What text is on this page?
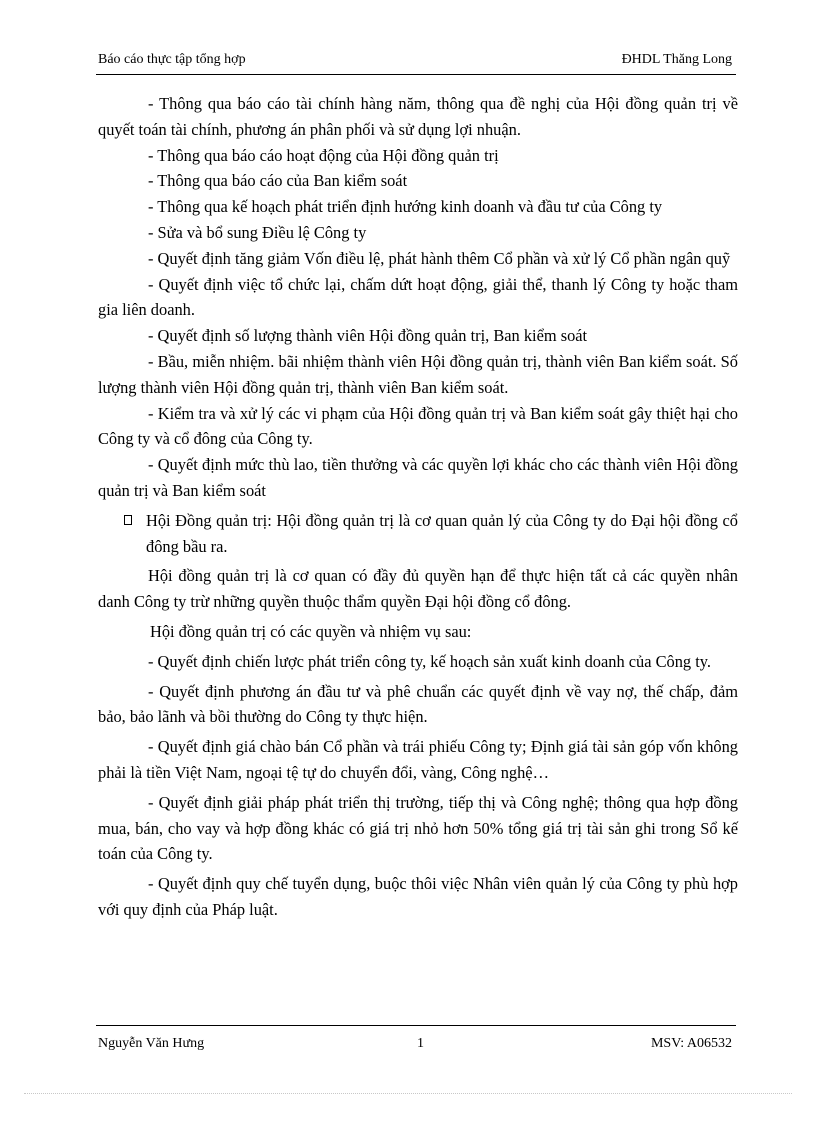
Báo cáo thực tập tổng hợp	ĐHDL Thăng Long

- Thông qua báo cáo tài chính hàng năm, thông qua đề nghị của Hội đồng quản trị về quyết toán tài chính, phương án phân phối và sử dụng lợi nhuận.

- Thông qua báo cáo hoạt động của Hội đồng quản trị

- Thông qua báo cáo của Ban kiểm soát

- Thông qua kế hoạch phát triển định hướng kinh doanh và đầu tư của Công ty

- Sửa và bổ sung Điều lệ Công ty

- Quyết định tăng giảm Vốn điều lệ, phát hành thêm Cổ phần và xử lý Cổ phần ngân quỹ

- Quyết định việc tổ chức lại, chấm dứt hoạt động, giải thể, thanh lý Công ty hoặc tham gia liên doanh.

- Quyết định số lượng thành viên Hội đồng quản trị, Ban kiểm soát

- Bầu, miễn nhiệm. bãi nhiệm thành viên Hội đồng quản trị, thành viên Ban kiểm soát. Số lượng thành viên Hội đồng quản trị, thành viên Ban kiểm soát.

- Kiểm tra và xử lý các vi phạm của Hội đồng quản trị và Ban kiểm soát gây thiệt hại cho Công ty và cổ đông của Công ty.

- Quyết định mức thù lao, tiền thưởng và các quyền lợi khác cho các thành viên Hội đồng quản trị và Ban kiểm soát

Hội Đồng quản trị: Hội đồng quản trị là cơ quan quản lý của Công ty do Đại hội đồng cổ đông bầu ra.

Hội đồng quản trị là cơ quan có đầy đủ quyền hạn để thực hiện tất cả các quyền nhân danh Công ty trừ những quyền thuộc thẩm quyền Đại hội đồng cổ đông.

Hội đồng quản trị có các quyền và nhiệm vụ sau:

- Quyết định chiến lược phát triển công ty, kế hoạch sản xuất kinh doanh của Công ty.

- Quyết định phương án đầu tư và phê chuẩn các quyết định về vay nợ, thế chấp, đảm bảo, bảo lãnh và bồi thường do Công ty thực hiện.

- Quyết định giá chào bán Cổ phần và trái phiếu Công ty; Định giá tài sản góp vốn không phải là tiền Việt Nam, ngoại tệ tự do chuyển đổi, vàng, Công nghệ…

- Quyết định giải pháp phát triển thị trường, tiếp thị và Công nghệ; thông qua hợp đồng mua, bán, cho vay và hợp đồng khác có giá trị nhỏ hơn 50% tổng giá trị tài sản ghi trong Sổ kế toán của Công ty.

- Quyết định quy chế tuyển dụng, buộc thôi việc Nhân viên quản lý của Công ty phù hợp với quy định của Pháp luật.

Nguyễn Văn Hưng	1	MSV: A06532
